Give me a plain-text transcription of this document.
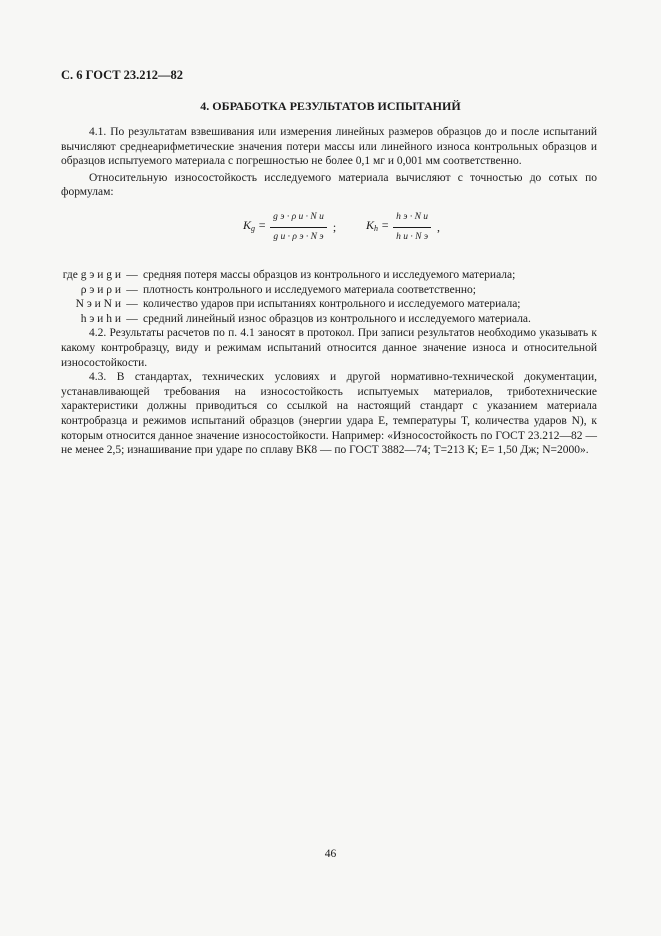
С. 6 ГОСТ 23.212—82
4. ОБРАБОТКА РЕЗУЛЬТАТОВ ИСПЫТАНИЙ

4.1. По результатам взвешивания или измерения линейных размеров образцов до и после испытаний вычисляют среднеарифметические значения потери массы или линейного износа контрольных образцов и образцов испытуемого материала с погрешностью не более 0,1 мг и 0,001 мм соответственно.

Относительную износостойкость исследуемого материала вычисляют с точностью до сотых по формулам:

$K_g = \frac{\text{g э · ρ и · N и}}{\text{g и · ρ э · N э}}$ ; $K_h = \frac{\text{h э · N и}}{\text{h и · N э}}$ ,
где g э и g и — средняя потеря массы образцов из контрольного и исследуемого материала;
ρ э и ρ и — плотность контрольного и исследуемого материала соответственно;
N э и N и — количество ударов при испытаниях контрольного и исследуемого материала;
h э и h и — средний линейный износ образцов из контрольного и исследуемого материала.

4.2. Результаты расчетов по п. 4.1 заносят в протокол. При записи результатов необходимо указывать к какому контробразцу, виду и режимам испытаний относится данное значение износа и относительной износостойкости.

4.3. В стандартах, технических условиях и другой нормативно-технической документации, устанавливающей требования на износостойкость испытуемых материалов, триботехнические характеристики должны приводиться со ссылкой на настоящий стандарт с указанием материала контробразца и режимов испытаний образцов (энергии удара E, температуры T, количества ударов N), к которым относится данное значение износостойкости. Например: «Износостойкость по ГОСТ 23.212—82 — не менее 2,5; изнашивание при ударе по сплаву ВК8 — по ГОСТ 3882—74; T=213 К; E= 1,50 Дж; N=2000».

46
